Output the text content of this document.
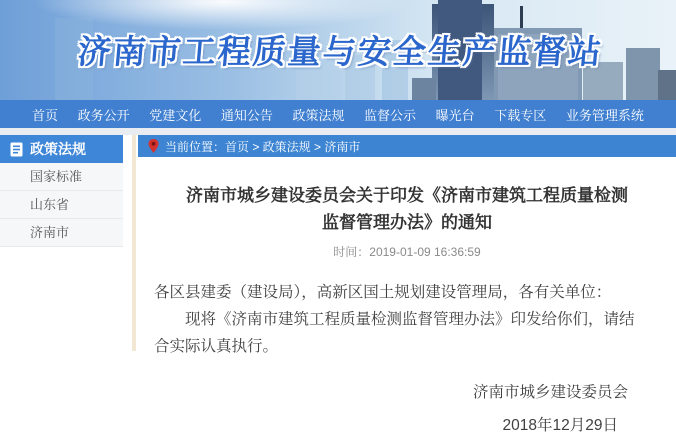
济南市工程质量与安全生产监督站
首页 政务公开 党建文化 通知公告 政策法规 监督公示 曝光台 下载专区 业务管理系统
政策法规
国家标准
山东省
济南市
当前位置：首页 > 政策法规 > 济南市
济南市城乡建设委员会关于印发《济南市建筑工程质量检测监督管理办法》的通知
时间：2019-01-09 16:36:59

各区县建委（建设局），高新区国土规划建设管理局，各有关单位：

现将《济南市建筑工程质量检测监督管理办法》印发给你们，请结合实际认真执行。

济南市城乡建设委员会
2018年12月29日
